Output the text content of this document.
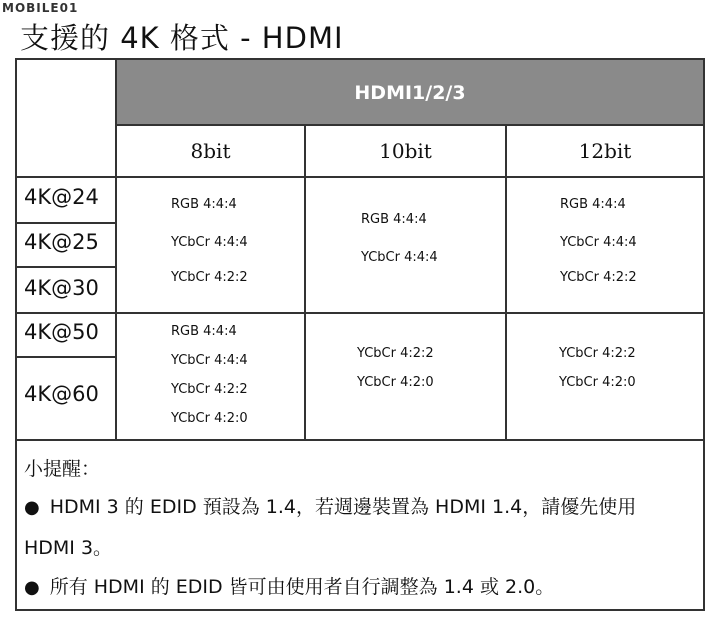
MOBILE01
支援的 4K 格式 - HDMI
HDMI1/2/3
8bit	10bit	12bit
4K@24
4K@25
4K@30
4K@50
4K@60
RGB 4:4:4
YCbCr 4:4:4
YCbCr 4:2:2
RGB 4:4:4
YCbCr 4:4:4
RGB 4:4:4
YCbCr 4:4:4
YCbCr 4:2:2
RGB 4:4:4
YCbCr 4:4:4
YCbCr 4:2:2
YCbCr 4:2:0
YCbCr 4:2:2
YCbCr 4:2:0
YCbCr 4:2:2
YCbCr 4:2:0
小提醒：
● HDMI 3 的 EDID 預設為 1.4，若週邊裝置為 HDMI 1.4，請優先使用
HDMI 3。
● 所有 HDMI 的 EDID 皆可由使用者自行調整為 1.4 或 2.0。
